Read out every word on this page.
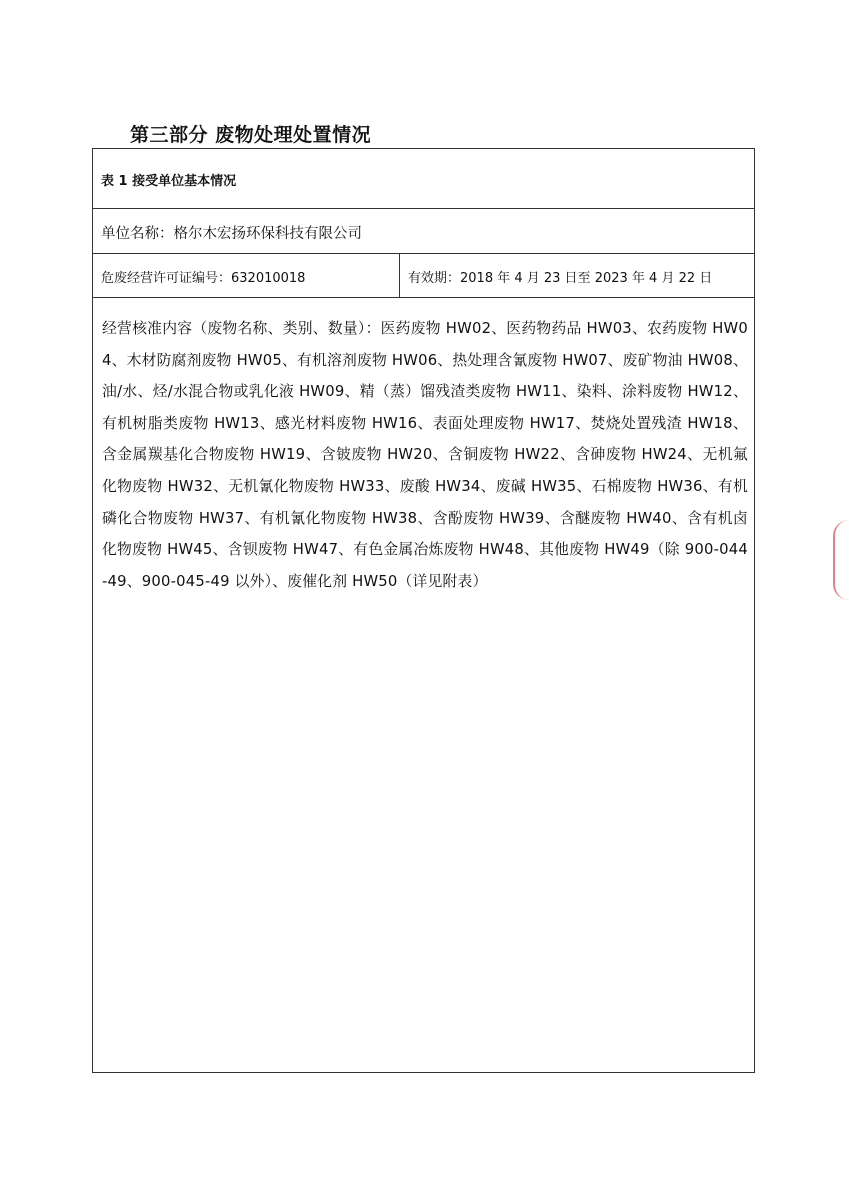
第三部分 废物处理处置情况
表 1 接受单位基本情况
单位名称：格尔木宏扬环保科技有限公司
危废经营许可证编号：632010018	有效期：2018 年 4 月 23 日至 2023 年 4 月 22 日

经营核准内容（废物名称、类别、数量）：医药废物 HW02、医药物药品 HW03、农药废物 HW04、木材防腐剂废物 HW05、有机溶剂废物 HW06、热处理含氰废物 HW07、废矿物油 HW08、油/水、烃/水混合物或乳化液 HW09、精（蒸）馏残渣类废物 HW11、染料、涂料废物 HW12、有机树脂类废物 HW13、感光材料废物 HW16、表面处理废物 HW17、焚烧处置残渣 HW18、含金属羰基化合物废物 HW19、含铍废物 HW20、含铜废物 HW22、含砷废物 HW24、无机氟化物废物 HW32、无机氰化物废物 HW33、废酸 HW34、废碱 HW35、石棉废物 HW36、有机磷化合物废物 HW37、有机氰化物废物 HW38、含酚废物 HW39、含醚废物 HW40、含有机卤化物废物 HW45、含钡废物 HW47、有色金属冶炼废物 HW48、其他废物 HW49（除 900-044-49、900-045-49 以外）、废催化剂 HW50（详见附表）
